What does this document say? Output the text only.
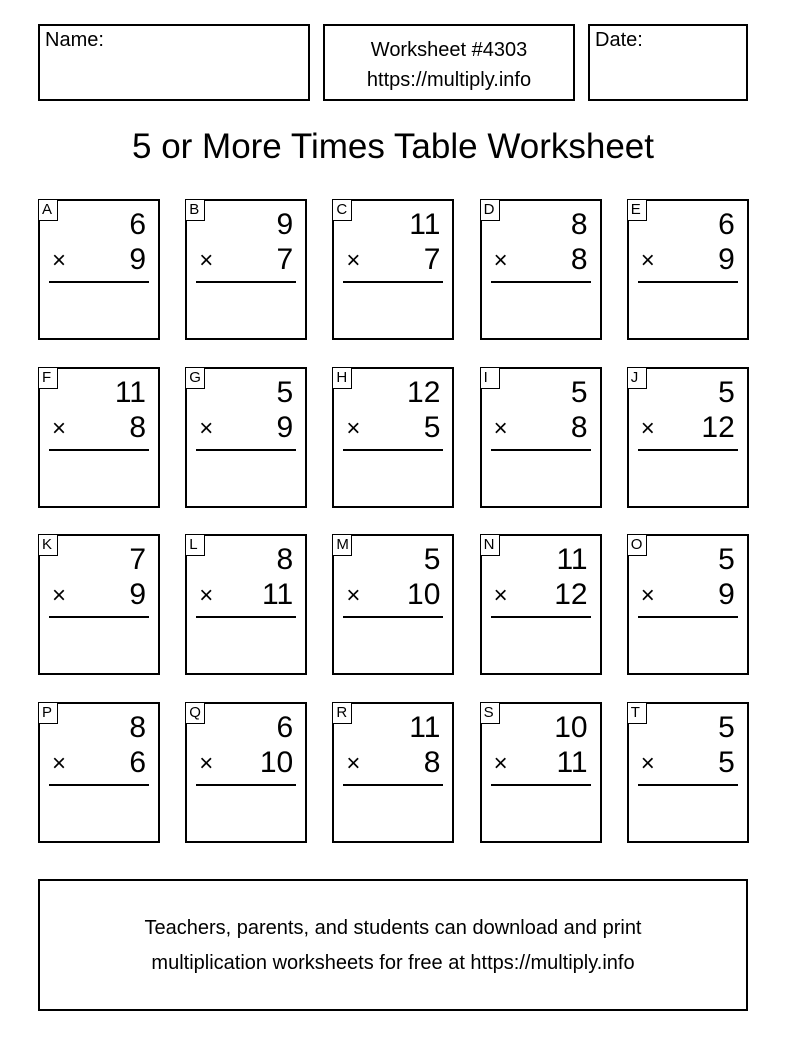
Name:	Worksheet #4303
https://multiply.info
Date:
5 or More Times Table Worksheet
A	6
× 9
B	9
× 7
C 11
× 7
D	8
× 8
E	6
× 9
F 11
× 8
G	5
× 9
H 12
× 5
I	5
× 8
J	5
× 12
K	7
× 9
L	8
× 11
M 5
× 10
N 11
× 12
O	5
× 9
P	8
× 6
Q	6
× 10
R 11
× 8
S 10
× 11
T	5
× 5
Teachers, parents, and students can download and print
multiplication worksheets for free at https://multiply.info
